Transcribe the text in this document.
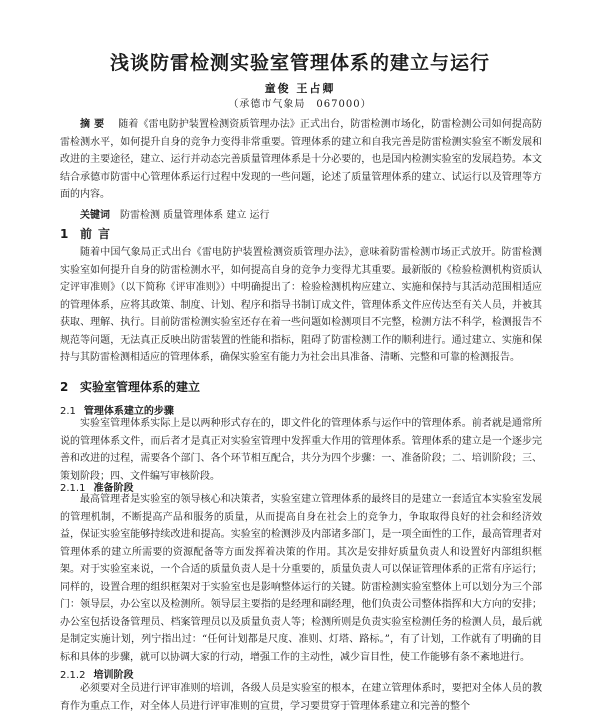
浅谈防雷检测实验室管理体系的建立与运行
童俊 王占卿
（承德市气象局　067000）

摘要  随着《雷电防护装置检测资质管理办法》正式出台，防雷检测市场化，防雷检测公司如何提高防雷检测水平，如何提升自身的竞争力变得非常重要。管理体系的建立和自我完善是防雷检测实验室不断发展和改进的主要途径，建立、运行并动态完善质量管理体系是十分必要的，也是国内检测实验室的发展趋势。本文结合承德市防雷中心管理体系运行过程中发现的一些问题，论述了质量管理体系的建立、试运行以及管理等方面的内容。

关键词 防雷检测 质量管理体系 建立 运行
1 前言

随着中国气象局正式出台《雷电防护装置检测资质管理办法》，意味着防雷检测市场正式放开。防雷检测实验室如何提升自身的防雷检测水平，如何提高自身的竞争力变得尤其重要。最新版的《检验检测机构资质认定评审准则》（以下简称《评审准则》）中明确提出了：检验检测机构应建立、实施和保持与其活动范围相适应的管理体系，应将其政策、制度、计划、程序和指导书制订成文件，管理体系文件应传达至有关人员，并被其获取、理解、执行。目前防雷检测实验室还存在着一些问题如检测项目不完整，检测方法不科学，检测报告不规范等问题，无法真正反映出防雷装置的性能和指标，阻碍了防雷检测工作的顺利进行。通过建立、实施和保持与其防雷检测相适应的管理体系，确保实验室有能力为社会出具准备、清晰、完整和可靠的检测报告。

2 实验室管理体系的建立
2.1 管理体系建立的步骤

实验室管理体系实际上是以两种形式存在的，即文件化的管理体系与运作中的管理体系。前者就是通常所说的管理体系文件，而后者才是真正对实验室管理中发挥重大作用的管理体系。管理体系的建立是一个逐步完善和改进的过程，需要各个部门、各个环节相互配合，共分为四个步骤：一、准备阶段；二、培训阶段；三、策划阶段；四、文件编写审核阶段。

2.1.1 准备阶段

最高管理者是实验室的领导核心和决策者，实验室建立管理体系的最终目的是建立一套适宜本实验室发展的管理机制，不断提高产品和服务的质量，从而提高自身在社会上的竞争力，争取取得良好的社会和经济效益，保证实验室能够持续改进和提高。实验室的检测涉及内部诸多部门，是一项全面性的工作，最高管理者对管理体系的建立所需要的资源配备等方面发挥着决策的作用。其次是安排好质量负责人和设置好内部组织框架。对于实验室来说，一个合适的质量负责人是十分重要的，质量负责人可以保证管理体系的正常有序运行；同样的，设置合理的组织框架对于实验室也是影响整体运行的关键。防雷检测实验室整体上可以划分为三个部门：领导层，办公室以及检测所。领导层主要指的是经理和副经理，他们负责公司整体指挥和大方向的安排；办公室包括设备管理员、档案管理员以及质量负责人等；检测所则是负责实验室检测任务的检测人员，最后就是制定实施计划，列宁指出过：“任何计划都是尺度、准则、灯塔、路标。”，有了计划，工作就有了明确的目标和具体的步骤，就可以协调大家的行动，增强工作的主动性，减少盲目性，使工作能够有条不紊地进行。

2.1.2 培训阶段

必须要对全员进行评审准则的培训，各级人员是实验室的根本，在建立管理体系时，要把对全体人员的教育作为重点工作，对全体人员进行评审准则的宣贯，学习要贯穿于管理体系建立和完善的整个
